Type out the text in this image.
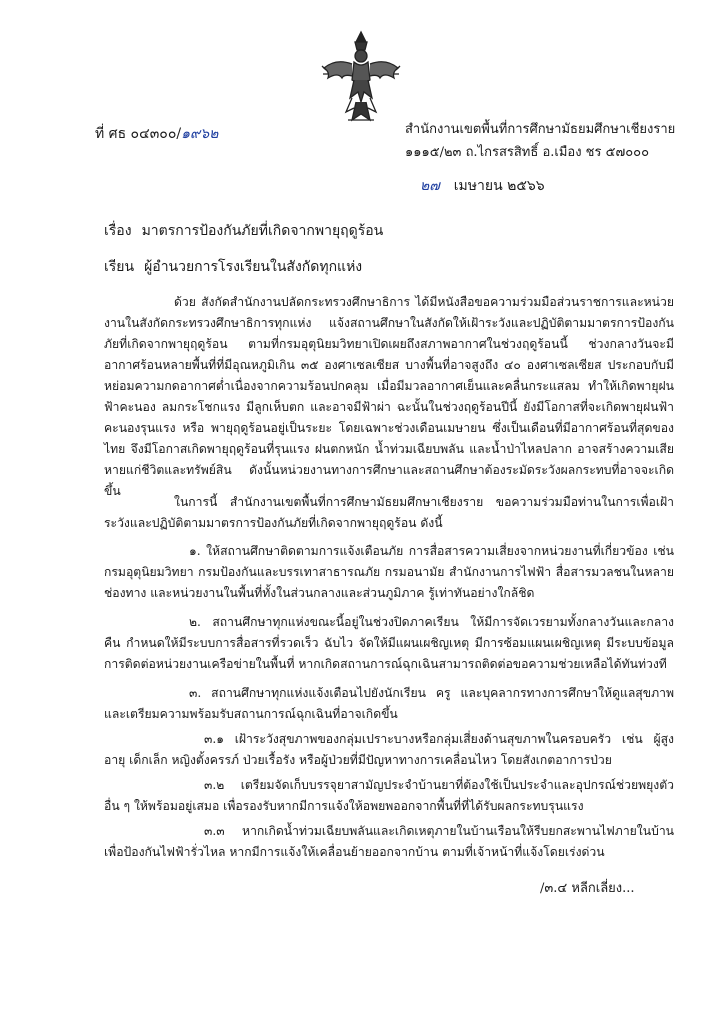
ที่ ศธ ๐๔๓๐๐/๑๙๖๒	สำนักงานเขตพื้นที่การศึกษามัธยมศึกษาเชียงราย
๑๑๑๕/๒๓ ถ.ไกรสรสิทธิ์ อ.เมือง ชร ๕๗๐๐๐
๒๗ เมษายน ๒๕๖๖
เรื่อง มาตรการป้องกันภัยที่เกิดจากพายุฤดูร้อน
เรียน ผู้อำนวยการโรงเรียนในสังกัดทุกแห่ง
ด้วย สังกัดสำนักงานปลัดกระทรวงศึกษาธิการ ได้มีหนังสือขอความร่วมมือส่วนราชการและหน่วยงานในสังกัดกระทรวงศึกษาธิการทุกแห่ง แจ้งสถานศึกษาในสังกัดให้เฝ้าระวังและปฏิบัติตามมาตรการป้องกันภัยที่เกิดจากพายุฤดูร้อน ตามที่กรมอุตุนิยมวิทยาเปิดเผยถึงสภาพอากาศในช่วงฤดูร้อนนี้ ช่วงกลางวันจะมีอากาศร้อนหลายพื้นที่ที่มีอุณหภูมิเกิน ๓๕ องศาเซลเซียส บางพื้นที่อาจสูงถึง ๔๐ องศาเซลเซียส ประกอบกับมีหย่อมความกดอากาศต่ำเนื่องจากความร้อนปกคลุม เมื่อมีมวลอากาศเย็นและคลื่นกระแสลม ทำให้เกิดพายุฝนฟ้าคะนอง ลมกระโชกแรง มีลูกเห็บตก และอาจมีฟ้าผ่า ฉะนั้นในช่วงฤดูร้อนปีนี้ ยังมีโอกาสที่จะเกิดพายุฝนฟ้าคะนองรุนแรง หรือ พายุฤดูร้อนอยู่เป็นระยะ โดยเฉพาะช่วงเดือนเมษายน ซึ่งเป็นเดือนที่มีอากาศร้อนที่สุดของไทย จึงมีโอกาสเกิดพายุฤดูร้อนที่รุนแรง ฝนตกหนัก น้ำท่วมเฉียบพลัน และน้ำป่าไหลปลาก อาจสร้างความเสียหายแก่ชีวิตและทรัพย์สิน ดังนั้นหน่วยงานทางการศึกษาและสถานศึกษาต้องระมัดระวังผลกระทบที่อาจจะเกิดขึ้น
ในการนี้ สำนักงานเขตพื้นที่การศึกษามัธยมศึกษาเชียงราย ขอความร่วมมือท่านในการเพื่อเฝ้าระวังและปฏิบัติตามมาตรการป้องกันภัยที่เกิดจากพายุฤดูร้อน ดังนี้
๑. ให้สถานศึกษาติดตามการแจ้งเตือนภัย การสื่อสารความเสี่ยงจากหน่วยงานที่เกี่ยวข้อง เช่นกรมอุตุนิยมวิทยา กรมป้องกันและบรรเทาสาธารณภัย กรมอนามัย สำนักงานการไฟฟ้า สื่อสารมวลชนในหลายช่องทาง และหน่วยงานในพื้นที่ทั้งในส่วนกลางและส่วนภูมิภาค รู้เท่าทันอย่างใกล้ชิด
๒. สถานศึกษาทุกแห่งขณะนี้อยู่ในช่วงปิดภาคเรียน ให้มีการจัดเวรยามทั้งกลางวันและกลางคืน กำหนดให้มีระบบการสื่อสารที่รวดเร็ว ฉับไว จัดให้มีแผนเผชิญเหตุ มีการซ้อมแผนเผชิญเหตุ มีระบบข้อมูลการติดต่อหน่วยงานเครือข่ายในพื้นที่ หากเกิดสถานการณ์ฉุกเฉินสามารถติดต่อขอความช่วยเหลือได้ทันท่วงที
๓. สถานศึกษาทุกแห่งแจ้งเตือนไปยังนักเรียน ครู และบุคลากรทางการศึกษาให้ดูแลสุขภาพและเตรียมความพร้อมรับสถานการณ์ฉุกเฉินที่อาจเกิดขึ้น
๓.๑ เฝ้าระวังสุขภาพของกลุ่มเปราะบางหรือกลุ่มเสี่ยงด้านสุขภาพในครอบครัว เช่น ผู้สูงอายุ เด็กเล็ก หญิงตั้งครรภ์ ป่วยเรื้อรัง หรือผู้ป่วยที่มีปัญหาทางการเคลื่อนไหว โดยสังเกตอาการป่วย
๓.๒ เตรียมจัดเก็บบรรจุยาสามัญประจำบ้านยาที่ต้องใช้เป็นประจำและอุปกรณ์ช่วยพยุงตัวอื่น ๆ ให้พร้อมอยู่เสมอ เพื่อรองรับหากมีการแจ้งให้อพยพออกจากพื้นที่ที่ได้รับผลกระทบรุนแรง
๓.๓ หากเกิดน้ำท่วมเฉียบพลันและเกิดเหตุภายในบ้านเรือนให้รีบยกสะพานไฟภายในบ้าน เพื่อป้องกันไฟฟ้ารั่วไหล หากมีการแจ้งให้เคลื่อนย้ายออกจากบ้าน ตามที่เจ้าหน้าที่แจ้งโดยเร่งด่วน
/๓.๔ หลีกเลี่ยง...
